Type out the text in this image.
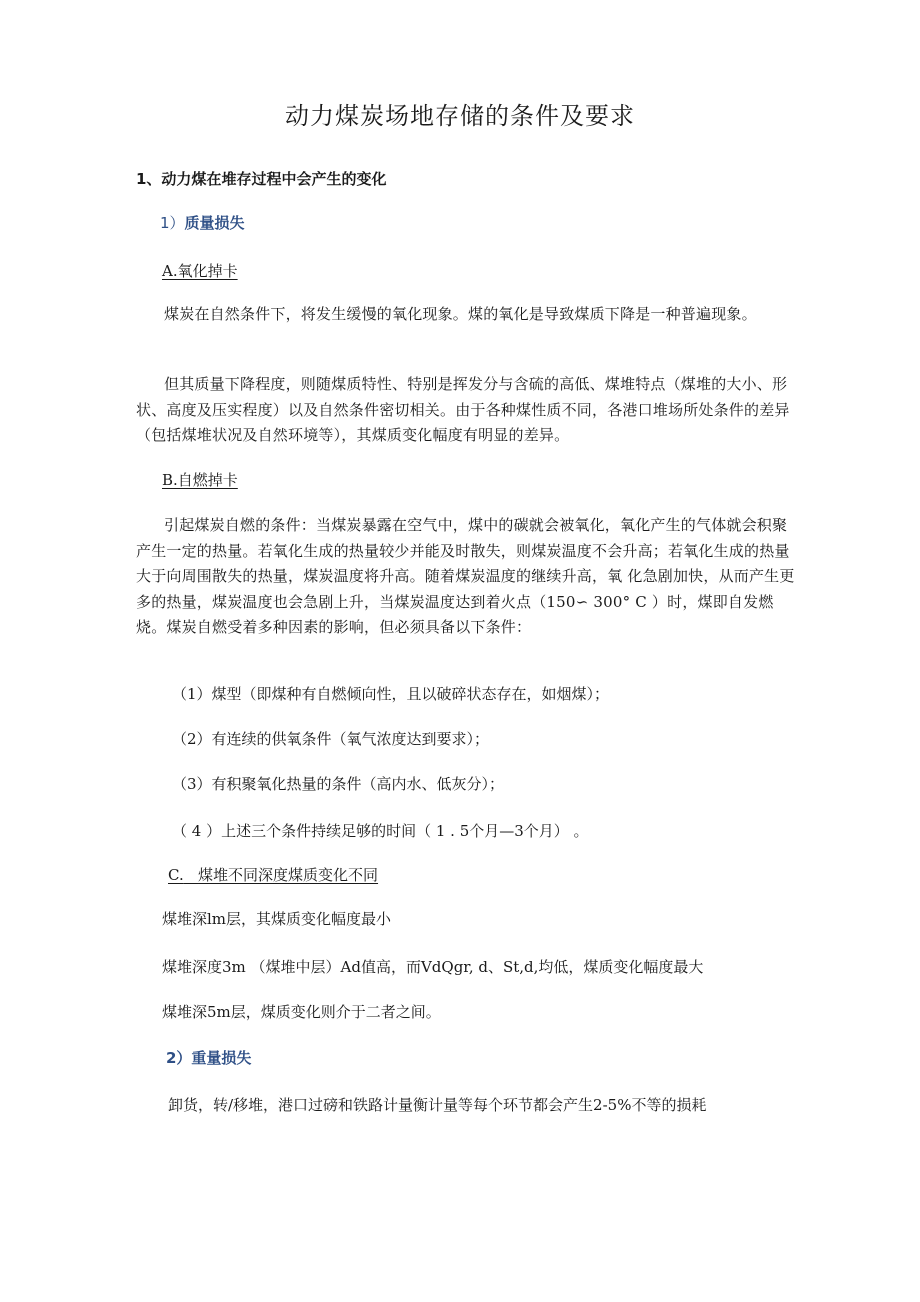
动力煤炭场地存储的条件及要求
1、动力煤在堆存过程中会产生的变化
1）质量损失
A.氧化掉卡
煤炭在自然条件下，将发生缓慢的氧化现象。煤的氧化是导致煤质下降是一种普遍现象。
但其质量下降程度，则随煤质特性、特别是挥发分与含硫的高低、煤堆特点（煤堆的大小、形状、高度及压实程度）以及自然条件密切相关。由于各种煤性质不同，各港口堆场所处条件的差异（包括煤堆状况及自然环境等），其煤质变化幅度有明显的差异。
B.自燃掉卡
引起煤炭自燃的条件：当煤炭暴露在空气中，煤中的碳就会被氧化，氧化产生的气体就会积聚产生一定的热量。若氧化生成的热量较少并能及时散失，则煤炭温度不会升高；若氧化生成的热量大于向周围散失的热量，煤炭温度将升高。随着煤炭温度的继续升高，氧 化急剧加快，从而产生更多的热量，煤炭温度也会急剧上升，当煤炭温度达到着火点（150∽ 300° C ）时，煤即自发燃烧。煤炭自燃受着多种因素的影响，但必须具备以下条件：
（1）煤型（即煤种有自燃倾向性，且以破碎状态存在，如烟煤）；
（2）有连续的供氧条件（氧气浓度达到要求）；
（3）有积聚氧化热量的条件（高内水、低灰分）；
（ 4 ）上述三个条件持续足够的时间（ 1 . 5个月—3个月） 。
C. 煤堆不同深度煤质变化不同
煤堆深lm层，其煤质变化幅度最小
煤堆深度3m （煤堆中层）Ad值高，而VdQgr, d、St,d,均低，煤质变化幅度最大
煤堆深5m层，煤质变化则介于二者之间。
2）重量损失
卸货，转/移堆，港口过磅和铁路计量衡计量等每个环节都会产生2-5%不等的损耗
